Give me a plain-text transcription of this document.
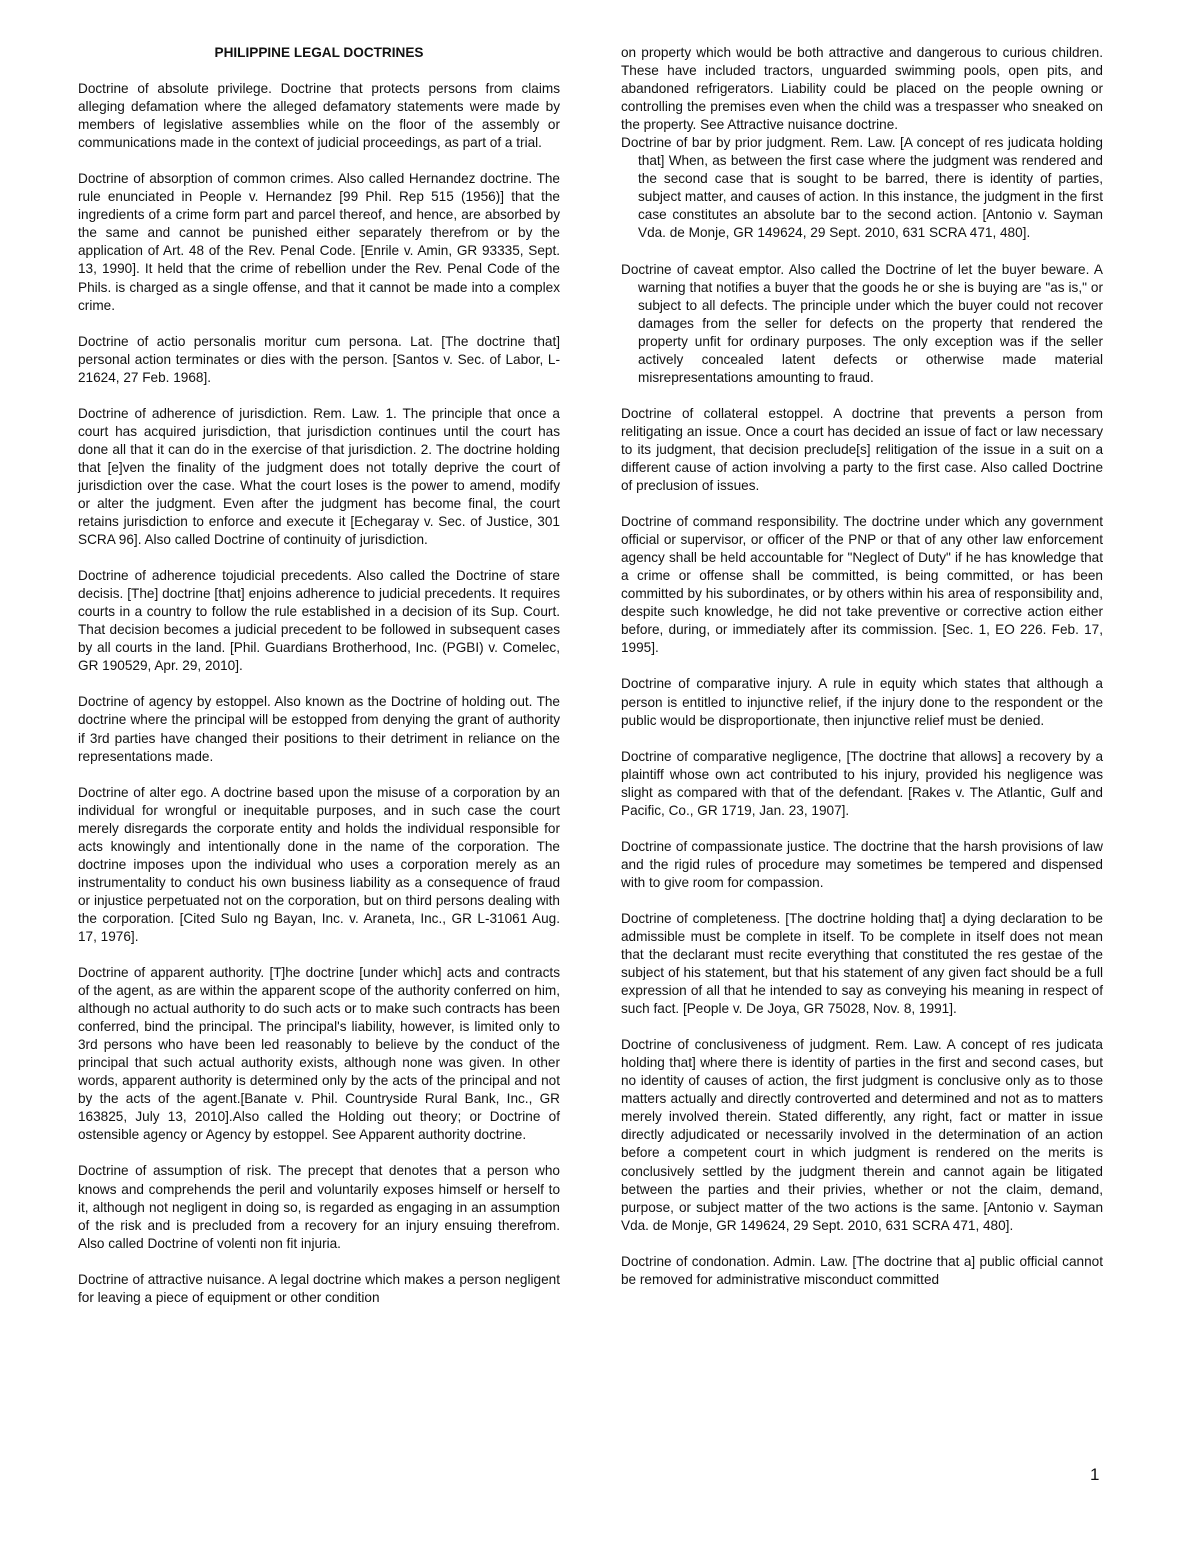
PHILIPPINE LEGAL DOCTRINES

Doctrine of absolute privilege. Doctrine that protects persons from claims alleging defamation where the alleged defamatory statements were made by members of legislative assemblies while on the floor of the assembly or communications made in the context of judicial proceedings, as part of a trial.

Doctrine of absorption of common crimes. Also called Hernandez doctrine. The rule enunciated in People v. Hernandez [99 Phil. Rep 515 (1956)] that the ingredients of a crime form part and parcel thereof, and hence, are absorbed by the same and cannot be punished either separately therefrom or by the application of Art. 48 of the Rev. Penal Code. [Enrile v. Amin, GR 93335, Sept. 13, 1990]. It held that the crime of rebellion under the Rev. Penal Code of the Phils. is charged as a single offense, and that it cannot be made into a complex crime.

Doctrine of actio personalis moritur cum persona. Lat. [The doctrine that] personal action terminates or dies with the person. [Santos v. Sec. of Labor, L-21624, 27 Feb. 1968].

Doctrine of adherence of jurisdiction. Rem. Law. 1. The principle that once a court has acquired jurisdiction, that jurisdiction continues until the court has done all that it can do in the exercise of that jurisdiction. 2. The doctrine holding that [e]ven the finality of the judgment does not totally deprive the court of jurisdiction over the case. What the court loses is the power to amend, modify or alter the judgment. Even after the judgment has become final, the court retains jurisdiction to enforce and execute it [Echegaray v. Sec. of Justice, 301 SCRA 96]. Also called Doctrine of continuity of jurisdiction.

Doctrine of adherence tojudicial precedents. Also called the Doctrine of stare decisis. [The] doctrine [that] enjoins adherence to judicial precedents. It requires courts in a country to follow the rule established in a decision of its Sup. Court. That decision becomes a judicial precedent to be followed in subsequent cases by all courts in the land. [Phil. Guardians Brotherhood, Inc. (PGBI) v. Comelec, GR 190529, Apr. 29, 2010].

Doctrine of agency by estoppel. Also known as the Doctrine of holding out. The doctrine where the principal will be estopped from denying the grant of authority if 3rd parties have changed their positions to their detriment in reliance on the representations made.

Doctrine of alter ego. A doctrine based upon the misuse of a corporation by an individual for wrongful or inequitable purposes, and in such case the court merely disregards the corporate entity and holds the individual responsible for acts knowingly and intentionally done in the name of the corporation. The doctrine imposes upon the individual who uses a corporation merely as an instrumentality to conduct his own business liability as a consequence of fraud or injustice perpetuated not on the corporation, but on third persons dealing with the corporation. [Cited Sulo ng Bayan, Inc. v. Araneta, Inc., GR L-31061 Aug. 17, 1976].

Doctrine of apparent authority. [T]he doctrine [under which] acts and contracts of the agent, as are within the apparent scope of the authority conferred on him, although no actual authority to do such acts or to make such contracts has been conferred, bind the principal. The principal's liability, however, is limited only to 3rd persons who have been led reasonably to believe by the conduct of the principal that such actual authority exists, although none was given. In other words, apparent authority is determined only by the acts of the principal and not by the acts of the agent.[Banate v. Phil. Countryside Rural Bank, Inc., GR 163825, July 13, 2010].Also called the Holding out theory; or Doctrine of ostensible agency or Agency by estoppel. See Apparent authority doctrine.

Doctrine of assumption of risk. The precept that denotes that a person who knows and comprehends the peril and voluntarily exposes himself or herself to it, although not negligent in doing so, is regarded as engaging in an assumption of the risk and is precluded from a recovery for an injury ensuing therefrom. Also called Doctrine of volenti non fit injuria.

Doctrine of attractive nuisance. A legal doctrine which makes a person negligent for leaving a piece of equipment or other condition

on property which would be both attractive and dangerous to curious children. These have included tractors, unguarded swimming pools, open pits, and abandoned refrigerators. Liability could be placed on the people owning or controlling the premises even when the child was a trespasser who sneaked on the property. See Attractive nuisance doctrine.

Doctrine of bar by prior judgment. Rem. Law. [A concept of res judicata holding that] When, as between the first case where the judgment was rendered and the second case that is sought to be barred, there is identity of parties, subject matter, and causes of action. In this instance, the judgment in the first case constitutes an absolute bar to the second action. [Antonio v. Sayman Vda. de Monje, GR 149624, 29 Sept. 2010, 631 SCRA 471, 480].

Doctrine of caveat emptor. Also called the Doctrine of let the buyer beware. A warning that notifies a buyer that the goods he or she is buying are "as is," or subject to all defects. The principle under which the buyer could not recover damages from the seller for defects on the property that rendered the property unfit for ordinary purposes. The only exception was if the seller actively concealed latent defects or otherwise made material misrepresentations amounting to fraud.

Doctrine of collateral estoppel. A doctrine that prevents a person from relitigating an issue. Once a court has decided an issue of fact or law necessary to its judgment, that decision preclude[s] relitigation of the issue in a suit on a different cause of action involving a party to the first case. Also called Doctrine of preclusion of issues.

Doctrine of command responsibility. The doctrine under which any government official or supervisor, or officer of the PNP or that of any other law enforcement agency shall be held accountable for "Neglect of Duty" if he has knowledge that a crime or offense shall be committed, is being committed, or has been committed by his subordinates, or by others within his area of responsibility and, despite such knowledge, he did not take preventive or corrective action either before, during, or immediately after its commission. [Sec. 1, EO 226. Feb. 17, 1995].

Doctrine of comparative injury. A rule in equity which states that although a person is entitled to injunctive relief, if the injury done to the respondent or the public would be disproportionate, then injunctive relief must be denied.

Doctrine of comparative negligence, [The doctrine that allows] a recovery by a plaintiff whose own act contributed to his injury, provided his negligence was slight as compared with that of the defendant. [Rakes v. The Atlantic, Gulf and Pacific, Co., GR 1719, Jan. 23, 1907].

Doctrine of compassionate justice. The doctrine that the harsh provisions of law and the rigid rules of procedure may sometimes be tempered and dispensed with to give room for compassion.

Doctrine of completeness. [The doctrine holding that] a dying declaration to be admissible must be complete in itself. To be complete in itself does not mean that the declarant must recite everything that constituted the res gestae of the subject of his statement, but that his statement of any given fact should be a full expression of all that he intended to say as conveying his meaning in respect of such fact. [People v. De Joya, GR 75028, Nov. 8, 1991].

Doctrine of conclusiveness of judgment. Rem. Law. A concept of res judicata holding that] where there is identity of parties in the first and second cases, but no identity of causes of action, the first judgment is conclusive only as to those matters actually and directly controverted and determined and not as to matters merely involved therein. Stated differently, any right, fact or matter in issue directly adjudicated or necessarily involved in the determination of an action before a competent court in which judgment is rendered on the merits is conclusively settled by the judgment therein and cannot again be litigated between the parties and their privies, whether or not the claim, demand, purpose, or subject matter of the two actions is the same. [Antonio v. Sayman Vda. de Monje, GR 149624, 29 Sept. 2010, 631 SCRA 471, 480].

Doctrine of condonation. Admin. Law. [The doctrine that a] public official cannot be removed for administrative misconduct committed

1
